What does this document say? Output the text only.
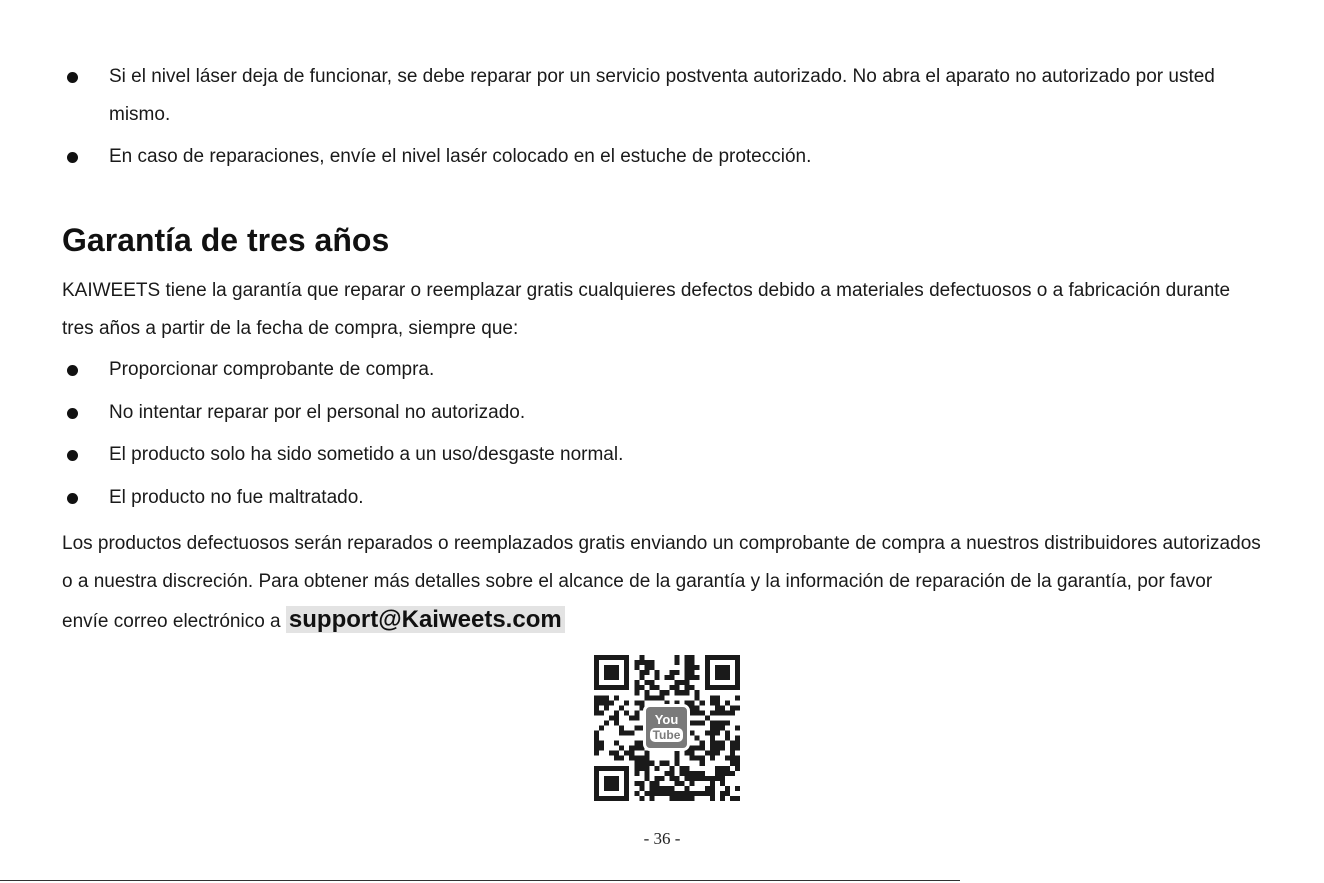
Si el nivel láser deja de funcionar, se debe reparar por un servicio postventa autorizado. No abra el aparato no autorizado por usted mismo.
En caso de reparaciones, envíe el nivel lasér colocado en el estuche de protección.
Garantía de tres años
KAIWEETS tiene la garantía que reparar o reemplazar gratis cualquieres defectos debido a materiales defectuosos o a fabricación durante tres años a partir de la fecha de compra, siempre que:
Proporcionar comprobante de compra.
No intentar reparar por el personal no autorizado.
El producto solo ha sido sometido a un uso/desgaste normal.
El producto no fue maltratado.
Los productos defectuosos serán reparados o reemplazados gratis enviando un comprobante de compra a nuestros distribuidores autorizados o a nuestra discreción. Para obtener más detalles sobre el alcance de la garantía y la información de reparación de la garantía, por favor envíe correo electrónico a support@Kaiweets.com
You
Tube
- 36 -
